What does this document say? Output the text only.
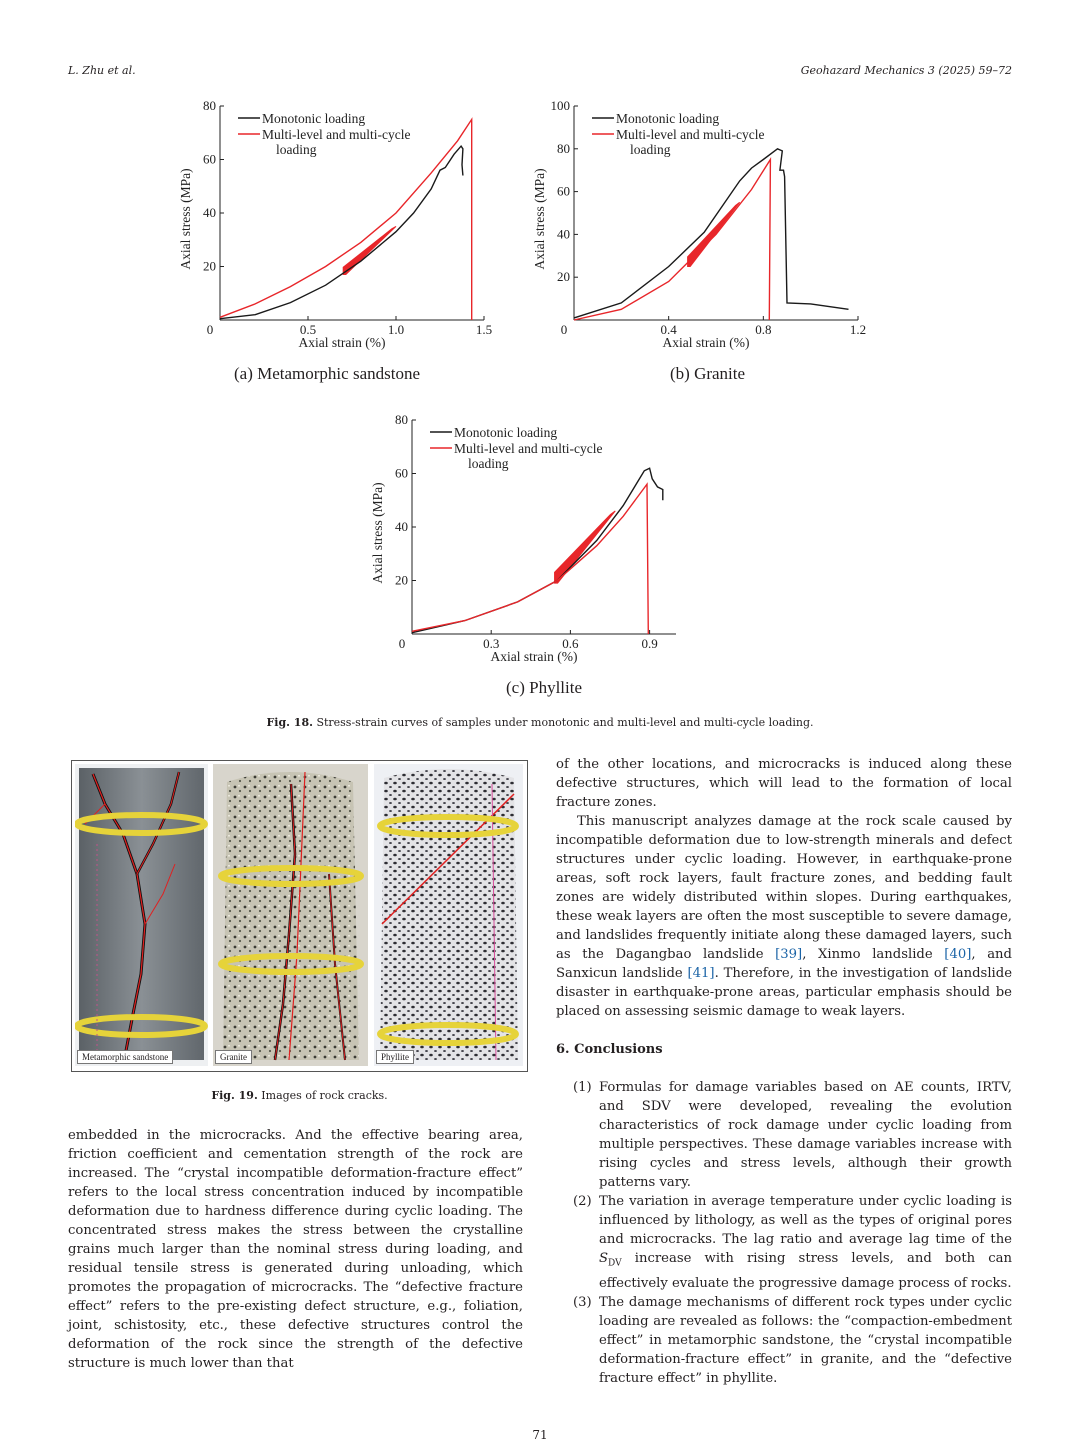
L. Zhu et al.	Geohazard Mechanics 3 (2025) 59–72
0	0.5	1.0	1.5
20
40
60
80
Axial strain (%)
Axial stress (MPa)
Monotonic loading
Multi-level and multi-cycle
loading
(a) Metamorphic sandstone
0	0.4	0.8	1.2
20
40
60
80
100
Axial strain (%)
Axial stress (MPa)
Monotonic loading
Multi-level and multi-cycle
loading
(b) Granite
0	0.3	0.6	0.9
20
40
60
80
Axial strain (%)
Axial stress (MPa)
Monotonic loading
Multi-level and multi-cycle
loading
(c) Phyllite
Fig. 18. Stress-strain curves of samples under monotonic and multi-level and multi-cycle loading.
Metamorphic sandstone	Granite	Phyllite
Fig. 19. Images of rock cracks.

embedded in the microcracks. And the effective bearing area, friction coefficient and cementation strength of the rock are increased. The “crystal incompatible deformation-fracture effect” refers to the local stress concentration induced by incompatible deformation due to hardness difference during cyclic loading. The concentrated stress makes the stress between the crystalline grains much larger than the nominal stress during loading, and residual tensile stress is generated during unloading, which promotes the propagation of microcracks. The “defective fracture effect” refers to the pre-existing defect structure, e.g., foliation, joint, schistosity, etc., these defective structures control the deformation of the rock since the strength of the defective structure is much lower than that

of the other locations, and microcracks is induced along these defective structures, which will lead to the formation of local fracture zones.

This manuscript analyzes damage at the rock scale caused by incompatible deformation due to low-strength minerals and defect structures under cyclic loading. However, in earthquake-prone areas, soft rock layers, fault fracture zones, and bedding fault zones are widely distributed within slopes. During earthquakes, these weak layers are often the most susceptible to severe damage, and landslides frequently initiate along these damaged layers, such as the Dagangbao landslide [39], Xinmo landslide [40], and Sanxicun landslide [41]. Therefore, in the investigation of landslide disaster in earthquake-prone areas, particular emphasis should be placed on assessing seismic damage to weak layers.

6. Conclusions

(1) Formulas for damage variables based on AE counts, IRTV, and SDV were developed, revealing the evolution characteristics of rock damage under cyclic loading from multiple perspectives. These damage variables increase with rising cycles and stress levels, although their growth patterns vary.
(2) The variation in average temperature under cyclic loading is influenced by lithology, as well as the types of original pores and microcracks. The lag ratio and average lag time of the $S_{DV}$ increase with rising stress levels, and both can effectively evaluate the progressive damage process of rocks.
(3) The damage mechanisms of different rock types under cyclic loading are revealed as follows: the “compaction-embedment effect” in metamorphic sandstone, the “crystal incompatible deformation-fracture effect” in granite, and the “defective fracture effect” in phyllite.
71
